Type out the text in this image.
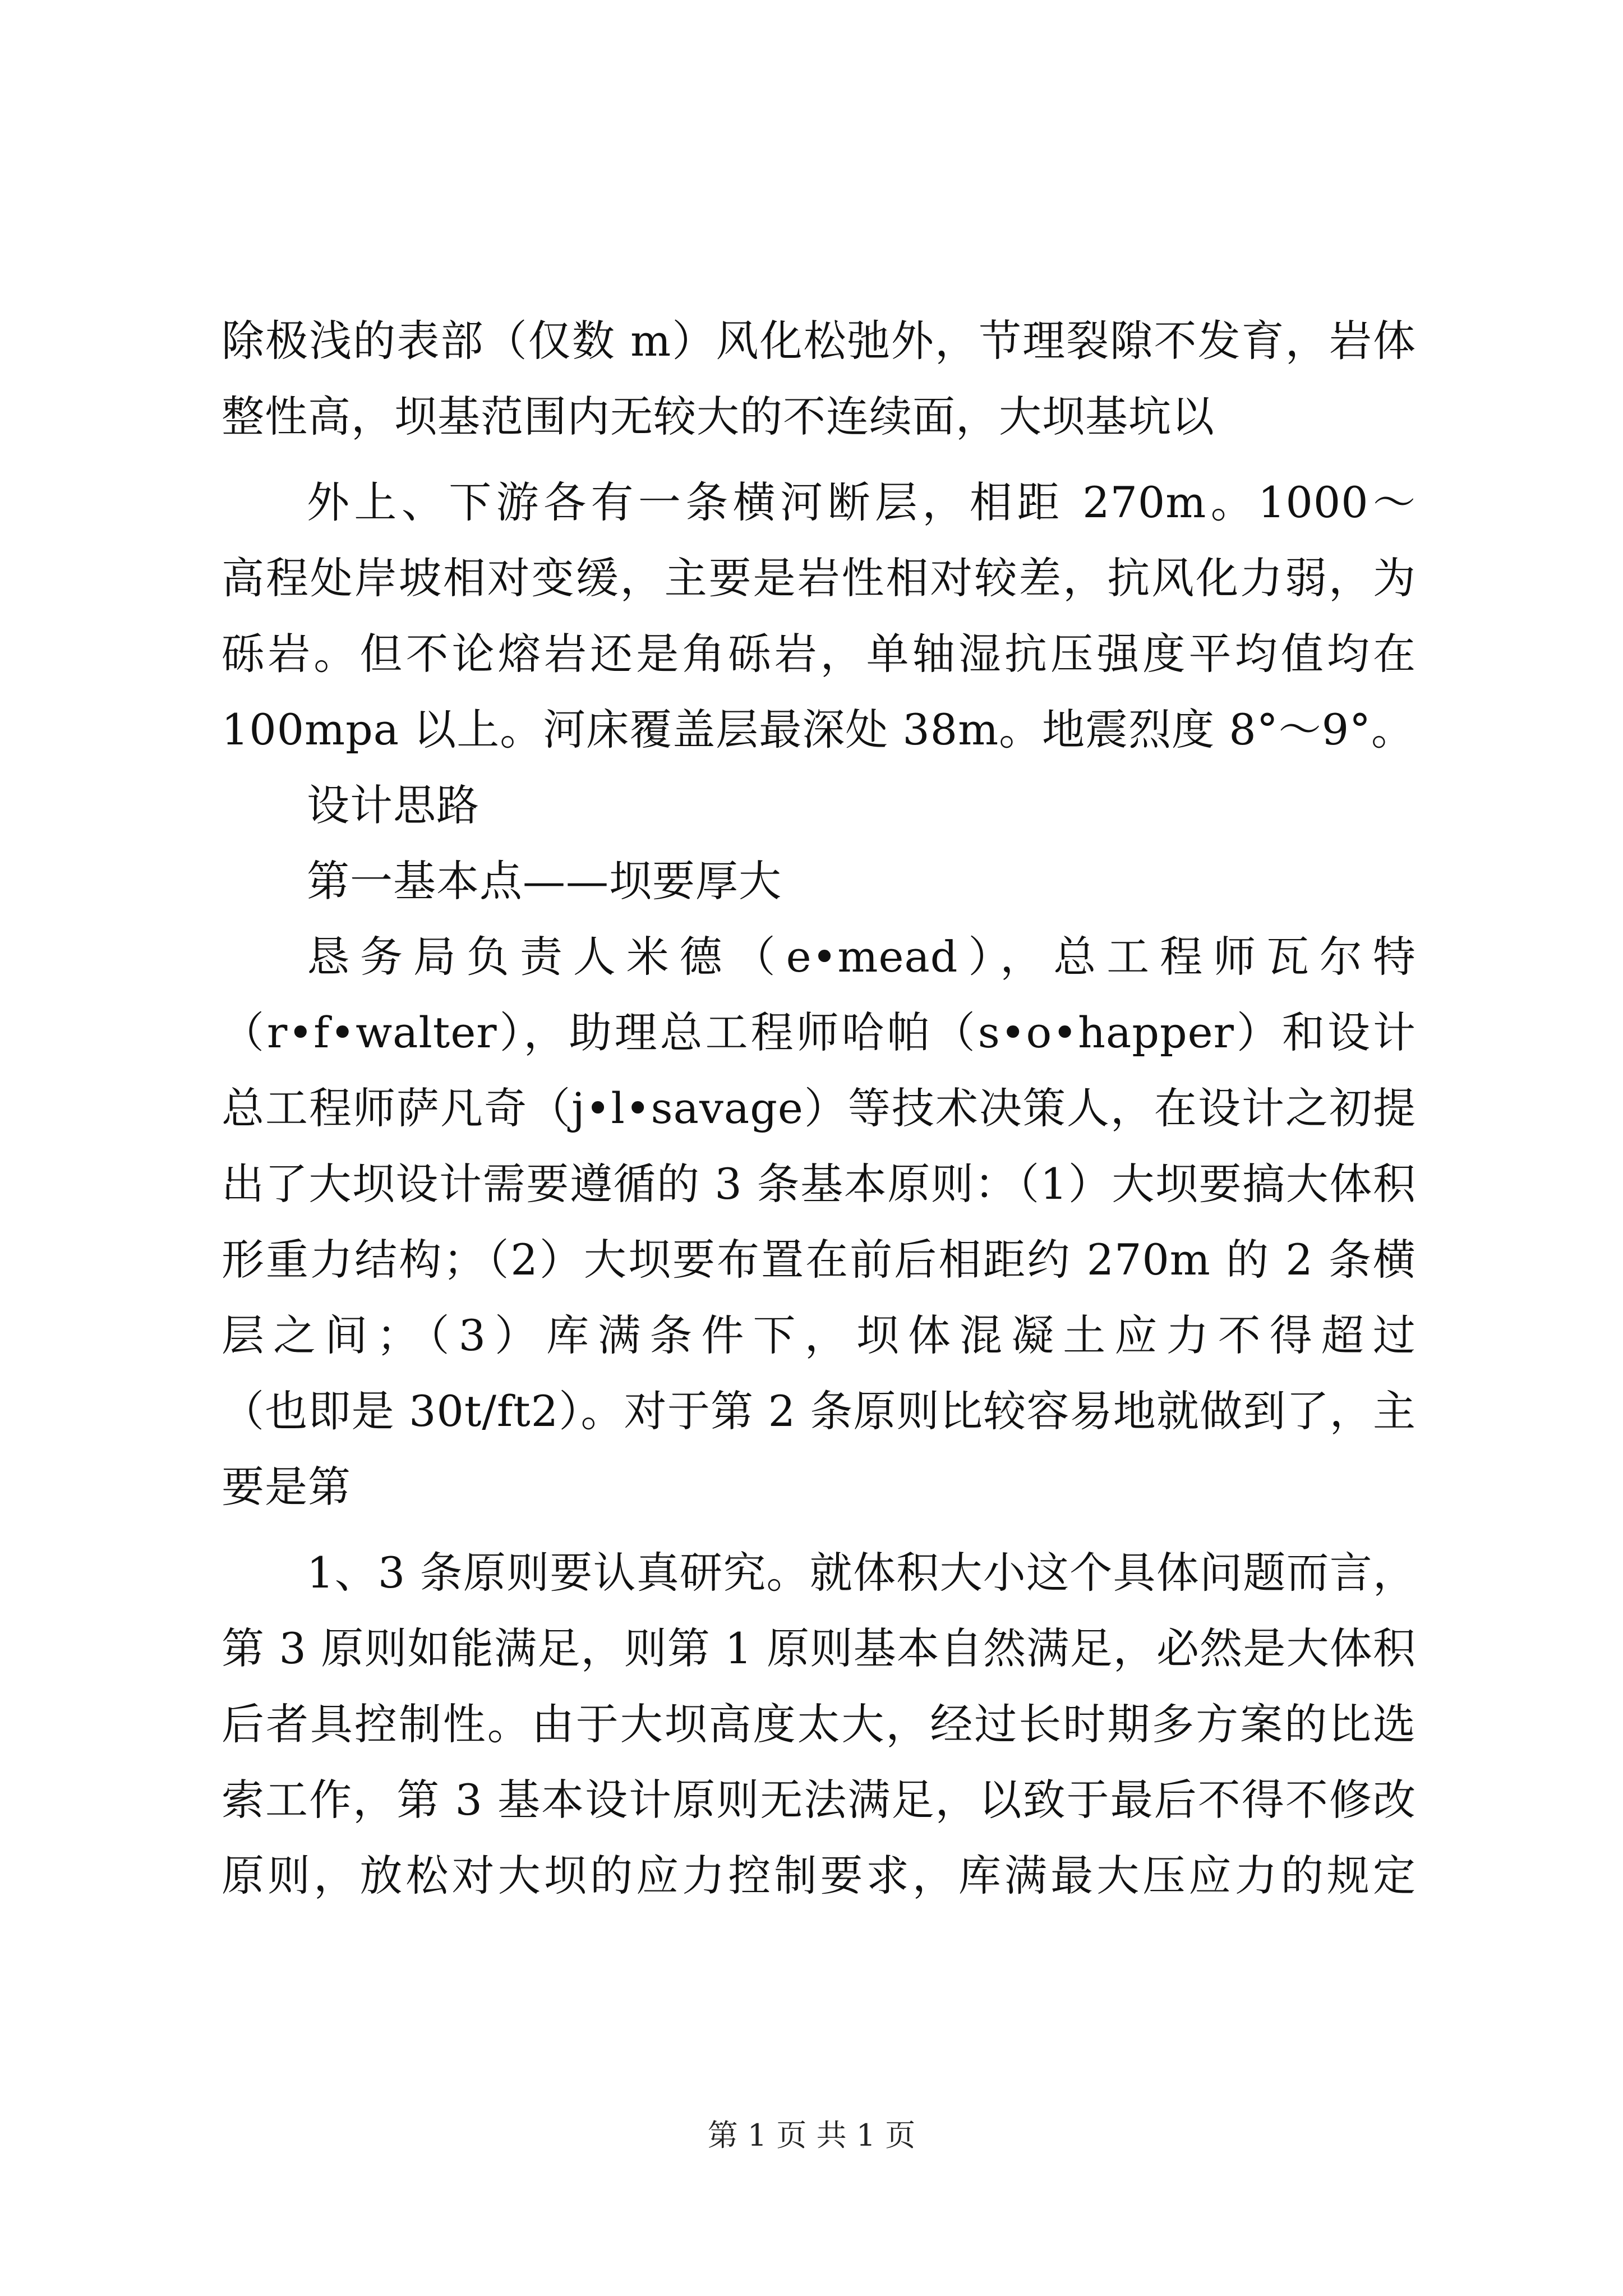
除极浅的表部（仅数 m）风化松弛外，节理裂隙不发育，岩体
整性高，坝基范围内无较大的不连续面，大坝基坑以
外上、下游各有一条横河断层，相距 270m。1000～
高程处岸坡相对变缓，主要是岩性相对较差，抗风化力弱，为
砾岩。但不论熔岩还是角砾岩，单轴湿抗压强度平均值均在
100mpa 以上。河床覆盖层最深处 38m。地震烈度 8°～9°。
设计思路
第一基本点——坝要厚大
恳务局负责人米德（e•mead），总工程师瓦尔特
（r•f•walter），助理总工程师哈帕（s•o•happer）和设计
总工程师萨凡奇（j•l•savage）等技术决策人，在设计之初提
出了大坝设计需要遵循的 3 条基本原则：（1）大坝要搞大体积
形重力结构；（2）大坝要布置在前后相距约 270m 的 2 条横
层之间；（3）库满条件下，坝体混凝土应力不得超过
（也即是 30t/ft2）。对于第 2 条原则比较容易地就做到了，主
要是第
1、3 条原则要认真研究。就体积大小这个具体问题而言，
第 3 原则如能满足，则第 1 原则基本自然满足，必然是大体积
后者具控制性。由于大坝高度太大，经过长时期多方案的比选
索工作，第 3 基本设计原则无法满足，以致于最后不得不修改
原则，放松对大坝的应力控制要求，库满最大压应力的规定
第 1 页 共 1 页
